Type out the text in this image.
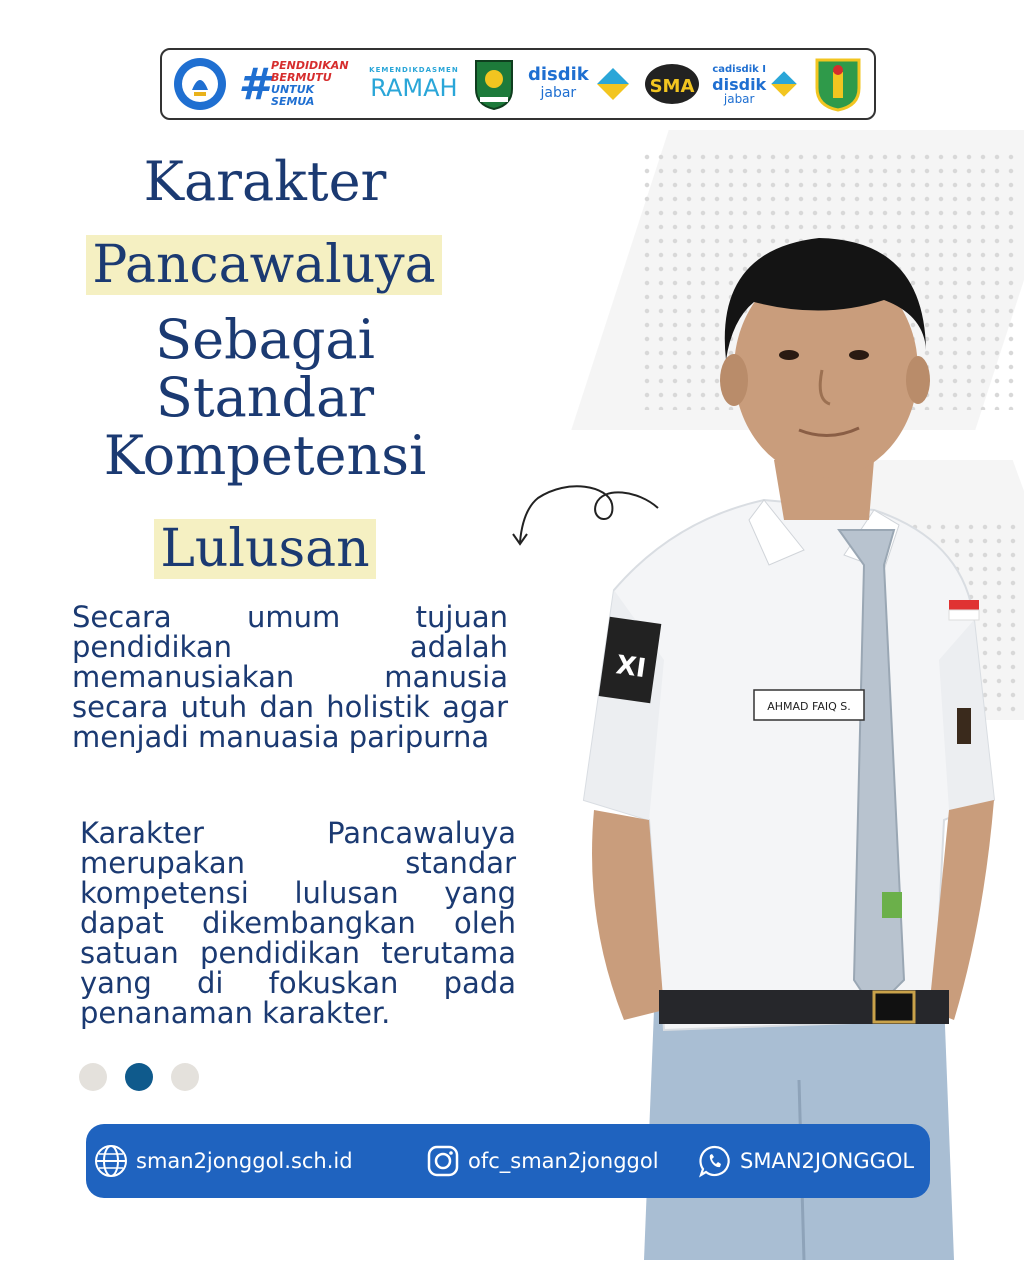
# PENDIDIKAN
BERMUTU
UNTUK SEMUA
KEMENDIKDASMEN
RAMAH	disdik
jabar	SMA
cadisdik I
disdik
jabar
Karakter
Pancawaluya
Sebagai
Standar
Kompetensi
Lulusan
Secara umum tujuan pendidikan adalah memanusiakan manusia secara utuh dan holistik agar menjadi manuasia paripurna
Karakter Pancawaluya merupakan standar kompetensi lulusan yang dapat dikembangkan oleh satuan pendidikan terutama yang di fokuskan pada penanaman karakter.
AHMAD FAIQ S.
XI
sman2jonggol.sch.id	ofc_sman2jonggol	SMAN2JONGGOL
